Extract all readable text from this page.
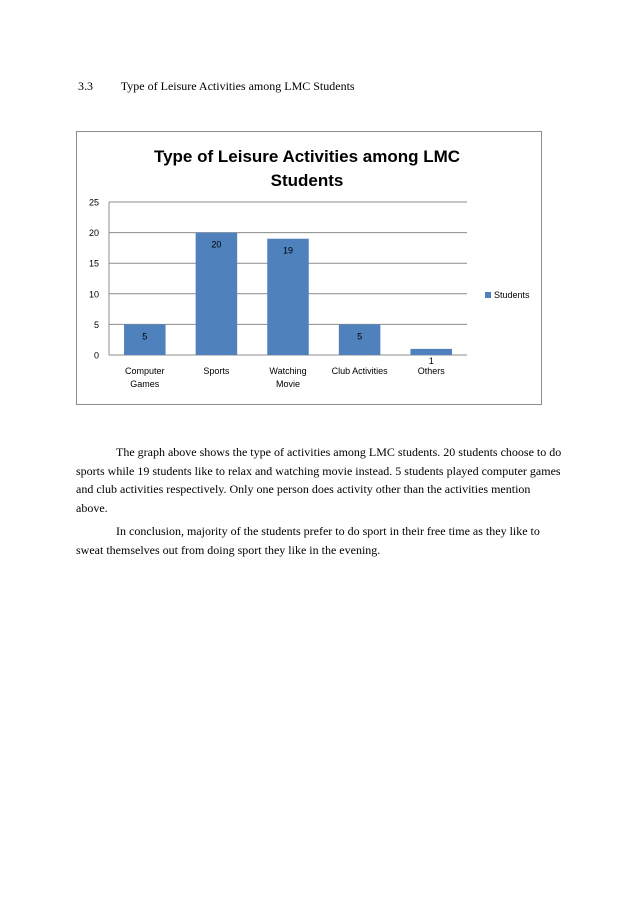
3.3 Type of Leisure Activities among LMC Students
Type of Leisure Activities among LMC
Students
0
5
10
15
20
25
5
Computer
Games
20
Sports
19
Watching
Movie
5
Club Activities
1
Others
Students

The graph above shows the type of activities among LMC students. 20 students choose to do sports while 19 students like to relax and watching movie instead. 5 students played computer games and club activities respectively. Only one person does activity other than the activities mention above.

In conclusion, majority of the students prefer to do sport in their free time as they like to sweat themselves out from doing sport they like in the evening.
